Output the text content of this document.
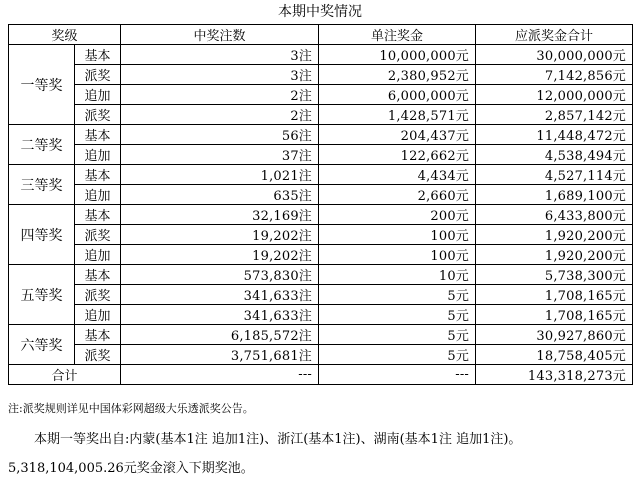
本期中奖情况
奖级		中奖注数	单注奖金	应派奖金合计
一等奖	基本	3注	10,000,000元	30,000,000元
	派奖	3注	2,380,952元	7,142,856元
	追加	2注	6,000,000元	12,000,000元
	派奖	2注	1,428,571元	2,857,142元
二等奖	基本	56注	204,437元	11,448,472元
	追加	37注	122,662元	4,538,494元
三等奖	基本	1,021注	4,434元	4,527,114元
	追加	635注	2,660元	1,689,100元
四等奖	基本	32,169注	200元	6,433,800元
	派奖	19,202注	100元	1,920,200元
	追加	19,202注	100元	1,920,200元
五等奖	基本	573,830注	10元	5,738,300元
	派奖	341,633注	5元	1,708,165元
	追加	341,633注	5元	1,708,165元
六等奖	基本	6,185,572注	5元	30,927,860元
	派奖	3,751,681注	5元	18,758,405元
合计		---	---	143,318,273元
注:派奖规则详见中国体彩网超级大乐透派奖公告。
本期一等奖出自:内蒙(基本1注 追加1注)、浙江(基本1注)、湖南(基本1注 追加1注)。
5,318,104,005.26元奖金滚入下期奖池。
